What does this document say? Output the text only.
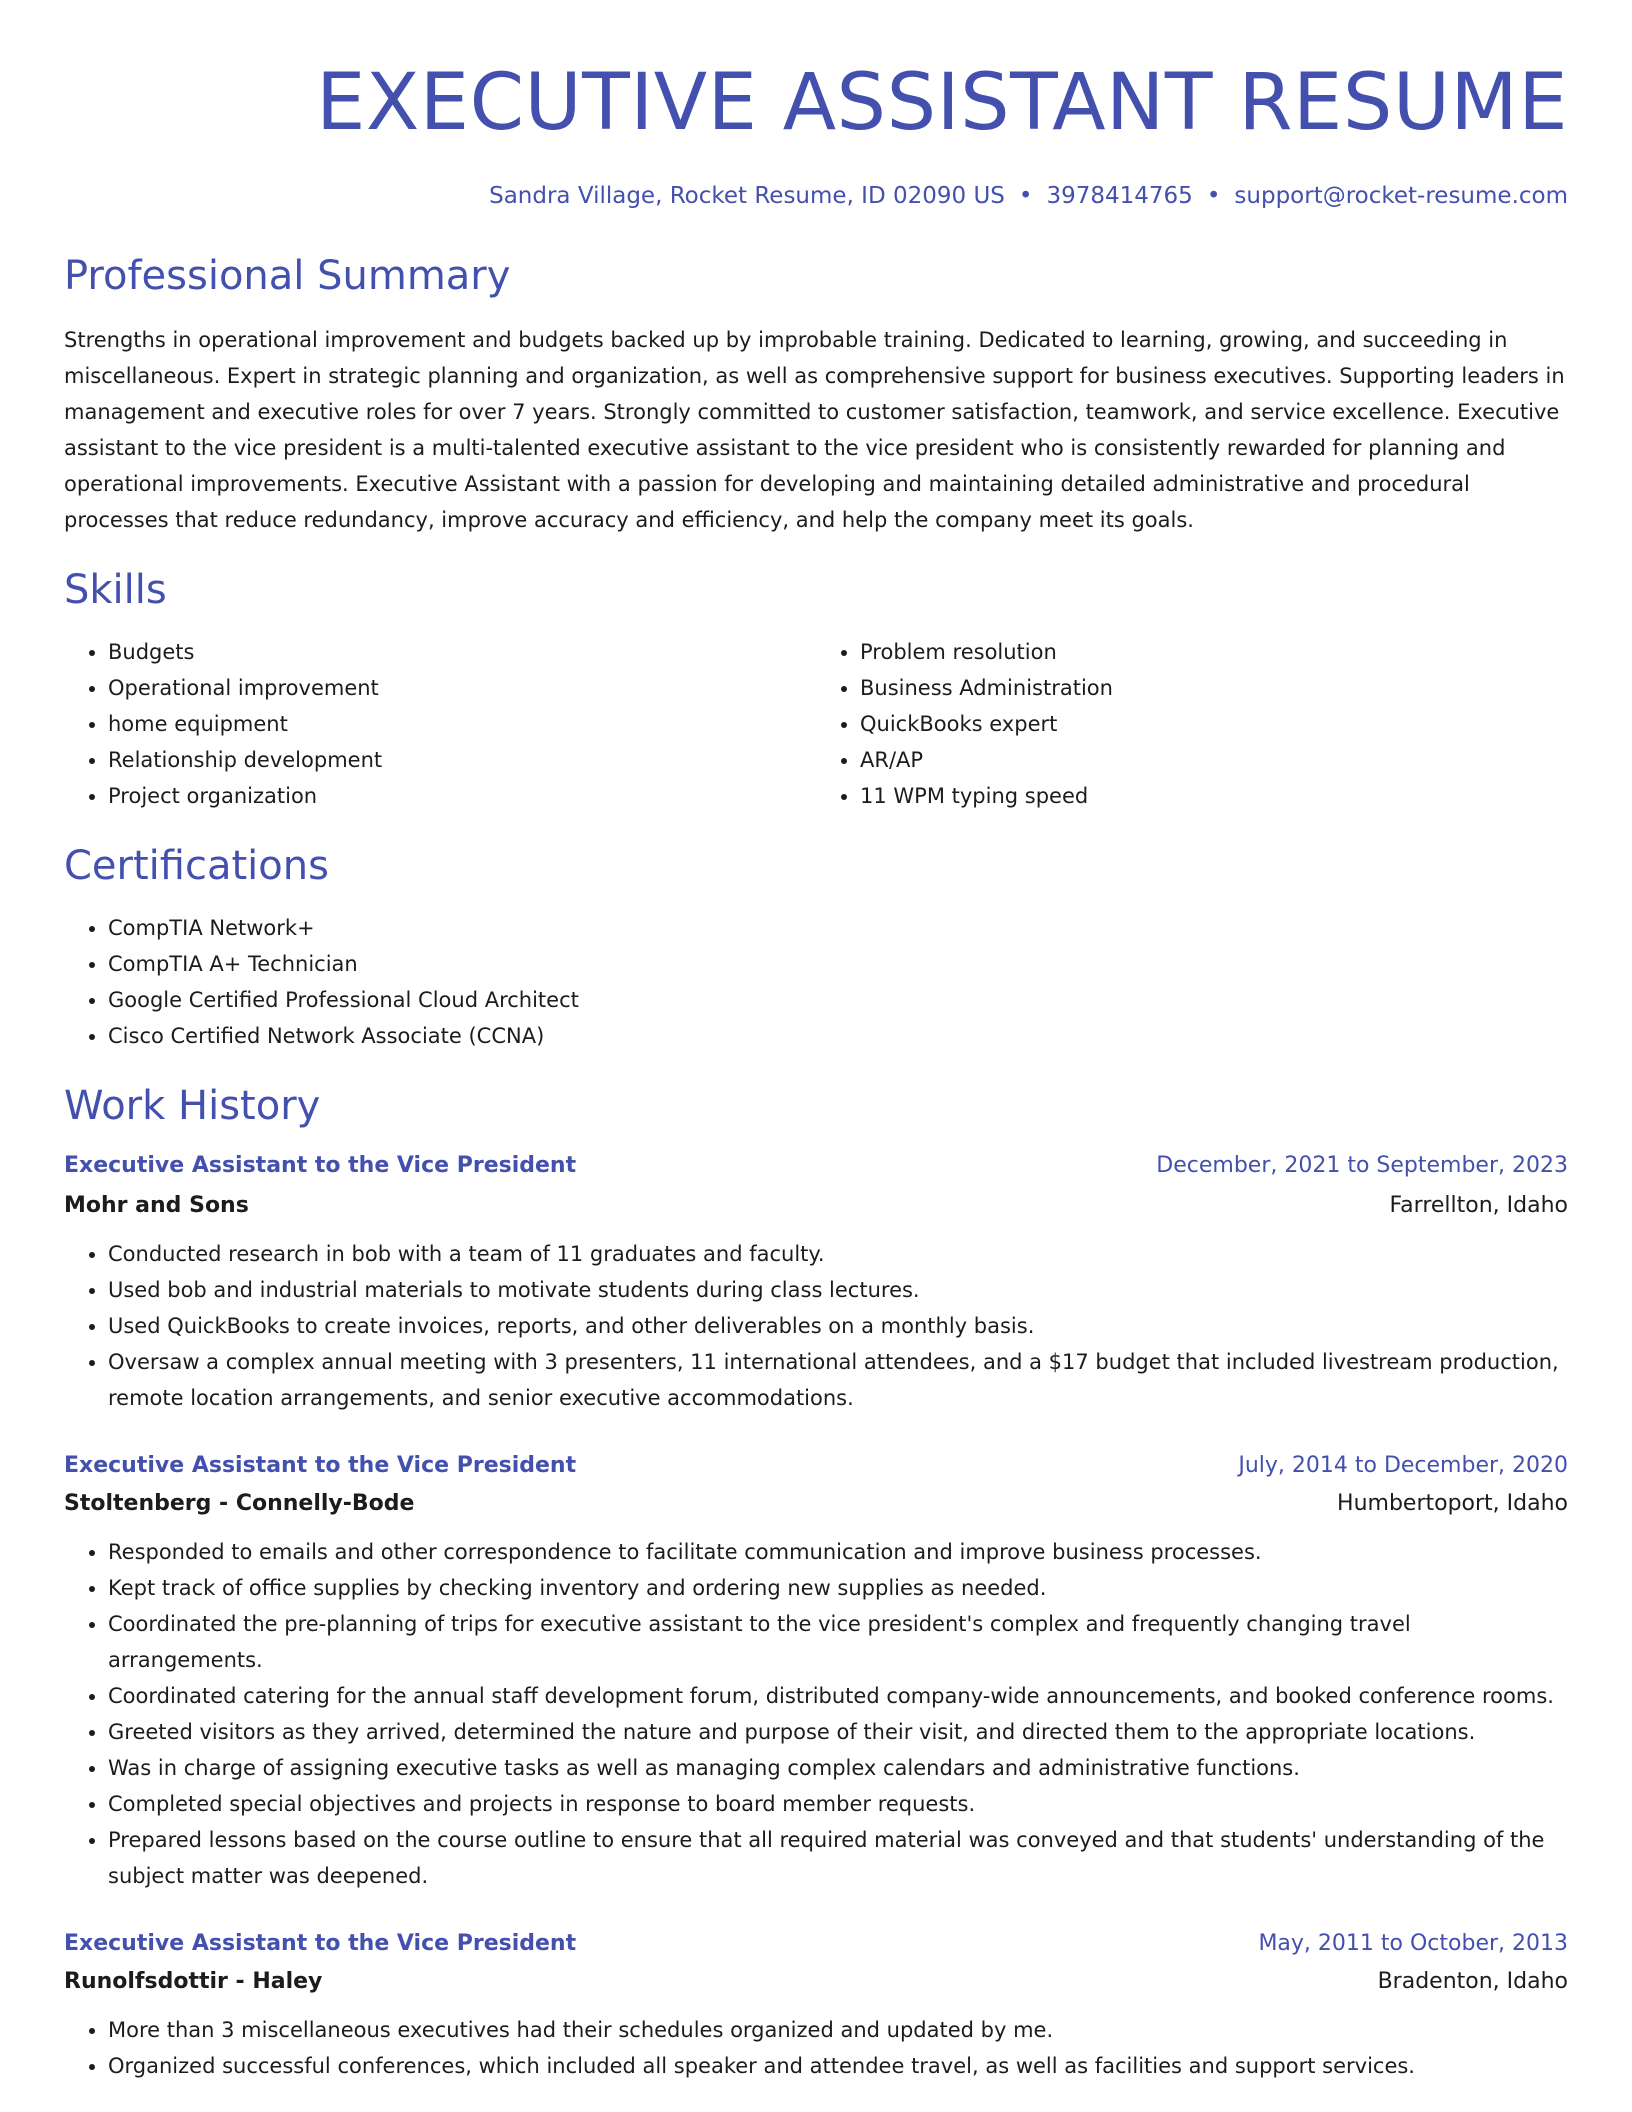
EXECUTIVE ASSISTANT RESUME
Sandra Village, Rocket Resume, ID 02090 US • 3978414765 • support@rocket-resume.com
Professional Summary

Strengths in operational improvement and budgets backed up by improbable training. Dedicated to learning, growing, and succeeding in miscellaneous. Expert in strategic planning and organization, as well as comprehensive support for business executives. Supporting leaders in management and executive roles for over 7 years. Strongly committed to customer satisfaction, teamwork, and service excellence. Executive assistant to the vice president is a multi-talented executive assistant to the vice president who is consistently rewarded for planning and operational improvements. Executive Assistant with a passion for developing and maintaining detailed administrative and procedural processes that reduce redundancy, improve accuracy and efficiency, and help the company meet its goals.

Skills
• Budgets
• Operational improvement
• home equipment
• Relationship development
• Project organization
• Problem resolution
• Business Administration
• QuickBooks expert
• AR/AP
• 11 WPM typing speed
Certifications
• CompTIA Network+
• CompTIA A+ Technician
• Google Certified Professional Cloud Architect
• Cisco Certified Network Associate (CCNA)
Work History
Executive Assistant to the Vice President	December, 2021 to September, 2023
Mohr and Sons	Farrellton, Idaho
• Conducted research in bob with a team of 11 graduates and faculty.
• Used bob and industrial materials to motivate students during class lectures.
• Used QuickBooks to create invoices, reports, and other deliverables on a monthly basis.
• Oversaw a complex annual meeting with 3 presenters, 11 international attendees, and a $17 budget that included livestream production, remote location arrangements, and senior executive accommodations.
Executive Assistant to the Vice President	July, 2014 to December, 2020
Stoltenberg - Connelly-Bode	Humbertoport, Idaho
• Responded to emails and other correspondence to facilitate communication and improve business processes.
• Kept track of office supplies by checking inventory and ordering new supplies as needed.
• Coordinated the pre-planning of trips for executive assistant to the vice president's complex and frequently changing travel arrangements.
• Coordinated catering for the annual staff development forum, distributed company-wide announcements, and booked conference rooms.
• Greeted visitors as they arrived, determined the nature and purpose of their visit, and directed them to the appropriate locations.
• Was in charge of assigning executive tasks as well as managing complex calendars and administrative functions.
• Completed special objectives and projects in response to board member requests.
• Prepared lessons based on the course outline to ensure that all required material was conveyed and that students' understanding of the subject matter was deepened.
Executive Assistant to the Vice President	May, 2011 to October, 2013
Runolfsdottir - Haley	Bradenton, Idaho
• More than 3 miscellaneous executives had their schedules organized and updated by me.
• Organized successful conferences, which included all speaker and attendee travel, as well as facilities and support services.
